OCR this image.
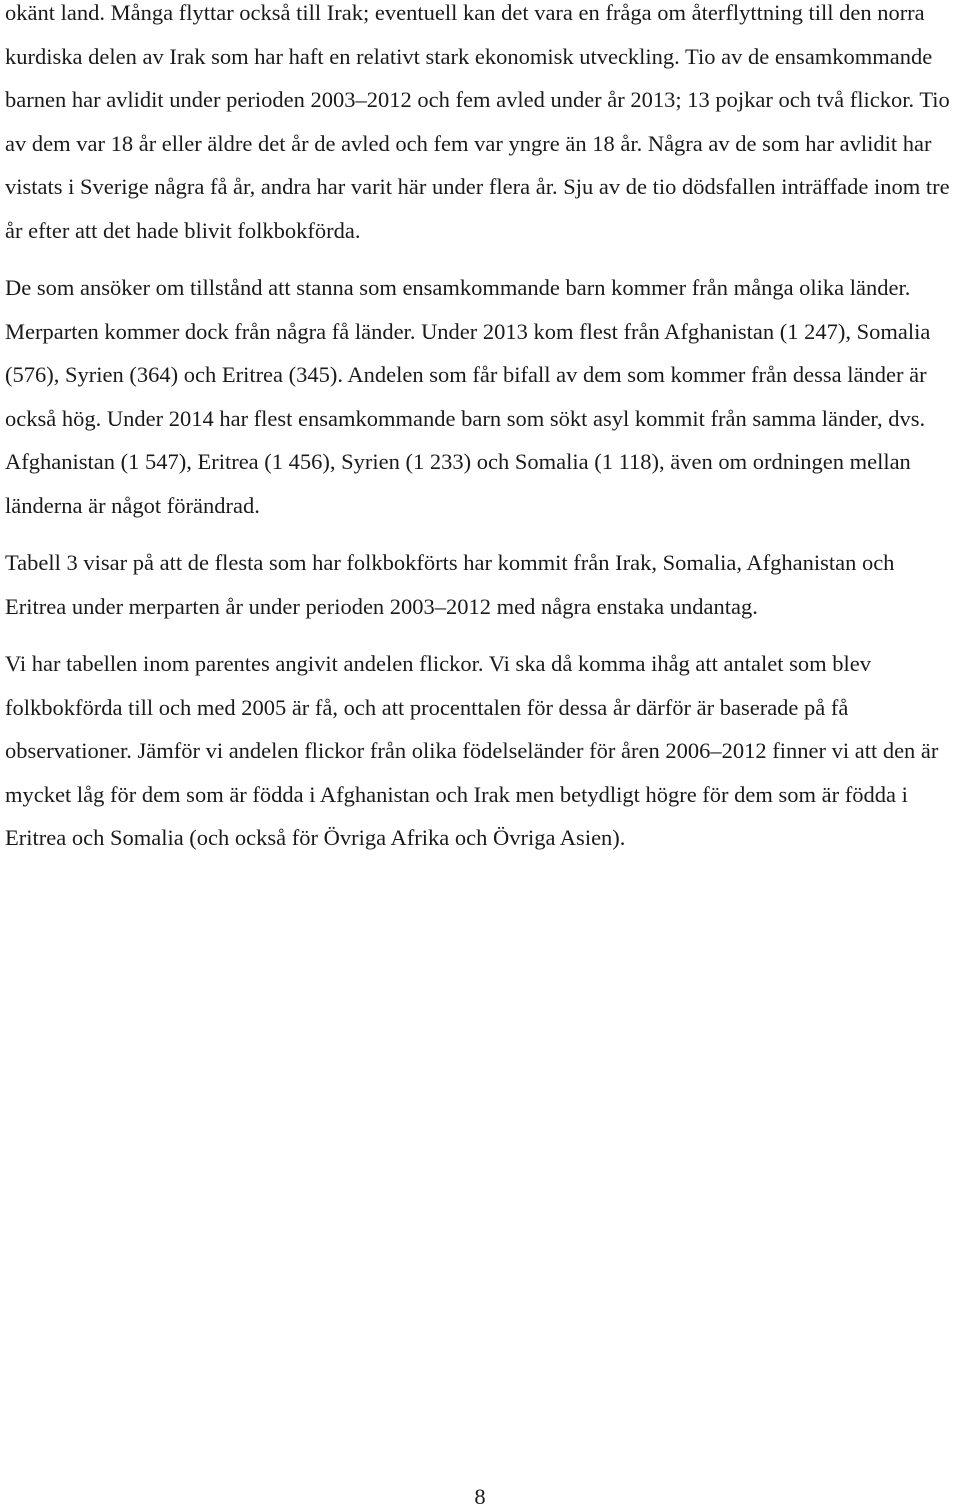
okänt land. Många flyttar också till Irak; eventuell kan det vara en fråga om återflyttning till den norra kurdiska delen av Irak som har haft en relativt stark ekonomisk utveckling. Tio av de ensamkommande barnen har avlidit under perioden 2003–2012 och fem avled under år 2013; 13 pojkar och två flickor. Tio av dem var 18 år eller äldre det år de avled och fem var yngre än 18 år. Några av de som har avlidit har vistats i Sverige några få år, andra har varit här under flera år. Sju av de tio dödsfallen inträffade inom tre år efter att det hade blivit folkbokförda.

De som ansöker om tillstånd att stanna som ensamkommande barn kommer från många olika länder. Merparten kommer dock från några få länder. Under 2013 kom flest från Afghanistan (1 247), Somalia (576), Syrien (364) och Eritrea (345). Andelen som får bifall av dem som kommer från dessa länder är också hög. Under 2014 har flest ensamkommande barn som sökt asyl kommit från samma länder, dvs. Afghanistan (1 547), Eritrea (1 456), Syrien (1 233) och Somalia (1 118), även om ordningen mellan länderna är något förändrad.

Tabell 3 visar på att de flesta som har folkbokförts har kommit från Irak, Somalia, Afghanistan och Eritrea under merparten år under perioden 2003–2012 med några enstaka undantag.

Vi har tabellen inom parentes angivit andelen flickor. Vi ska då komma ihåg att antalet som blev folkbokförda till och med 2005 är få, och att procenttalen för dessa år därför är baserade på få observationer. Jämför vi andelen flickor från olika födelseländer för åren 2006–2012 finner vi att den är mycket låg för dem som är födda i Afghanistan och Irak men betydligt högre för dem som är födda i Eritrea och Somalia (och också för Övriga Afrika och Övriga Asien).

8
